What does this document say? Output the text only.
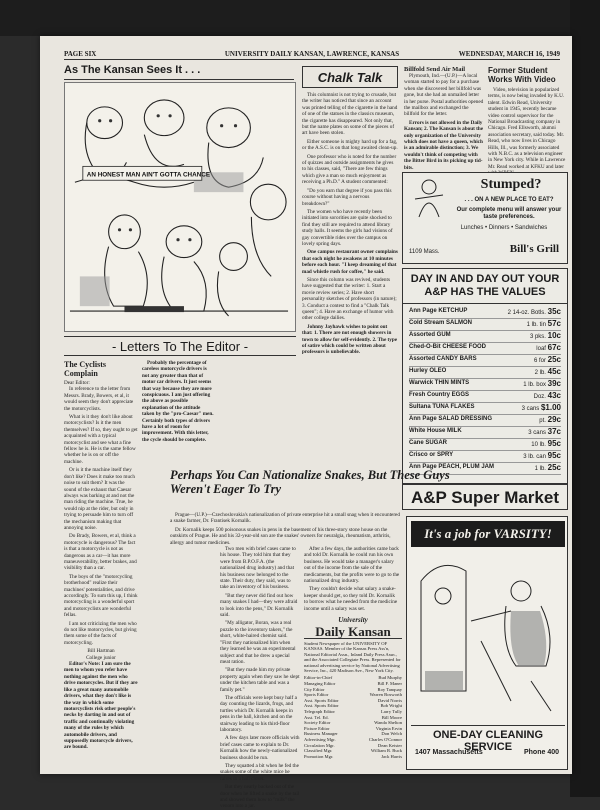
PAGE SIX	UNIVERSITY DAILY KANSAN, LAWRENCE, KANSAS	WEDNESDAY, MARCH 16, 1949
As The Kansan Sees It . . .
AN HONEST MAN AIN'T GOTTA CHANCE
- Letters To The Editor -
The Cyclists Complain
Dear Editor:

In reference to the letter from Messrs. Brady, Bowers, et al, it would seem they don't appreciate the motorcyclists.

What is it they don't like about motorcyclists? Is it the men themselves? If so, they ought to get acquainted with a typical motorcyclist and see what a fine fellow he is. He is the same fellow whether he is on or off the machine.

Or is it the machine itself they don't like? Does it make too much noise to suit them? It was the sound of the exhaust that Caesar always was barking at and not the man riding the machine. True, he would nip at the rider, but only in trying to persuade him to turn off the mechanism making that annoying noise.

Do Brady, Bowers, et al, think a motorcycle is dangerous? The fact is that a motorcycle is not as dangerous as a car—it has more maneuverability, better brakes, and visibility than a car.

The boys of the "motorcycling brotherhood" realize their machines' potentialities, and drive accordingly. To sum this up, I think motorcycling is a wonderful sport and motorcyclists are wonderful fellas.

I am not criticizing the men who do not like motorcycles, but giving them some of the facts of motorcycling.

Bill Hartman
College junior

Editor's Note: I am sure the men to whom you refer have nothing against the men who drive motorcycles. But if they are like a great many automobile drivers, what they don't like is the way in which some motorcyclists risk other people's necks by darting in and out of traffic and continually violating many of the rules by which automobile drivers, and supposedly motorcycle drivers, are bound.

Probably the percentage of careless motorcycle drivers is not any greater than that of motor car drivers. It just seems that way because they are more conspicuous. I am just offering the above as possible explanation of the attitude taken by the "pro-Caesar" men. Certainly both types of drivers have a lot of room for improvement. With this letter, the cycle should be complete.

Chalk Talk

This columnist is not trying to crusade, but the writer has noticed that since an account was printed telling of the cigarette in the hand of one of the statues in the classics museum, the cigarette has disappeared. Not only that, but the name plates on some of the pieces of art have been stolen.

Either someone is mighty hard up for a fag, or the A.S.C. is on that long awaited clean-up.

One professor who is noted for the number of quizzes and outside assignments he gives to his classes, said, "There are few things which give a man so much enjoyment as receiving a Ph.D." A student commented:

"Do you earn that degree if you pass this course without having a nervous breakdown?"

The women who have recently been initiated into sororities are quite shocked to find they still are required to attend library study halls. It seems the girls had visions of gay convertible rides over the campus on lovely spring days.

One campus restaurant owner complains that each night he awakens at 10 minutes before each hour. "I keep dreaming of that mad whistle rush for coffee," he said.

Since this column was revived, students have suggested that the writer: 1. Start a movie review series; 2. Have short personality sketches of professors (in nature); 3. Conduct a contest to find a "Chalk Talk queen"; 4. Have an exchange of humor with other college dailies.

Johnny Jayhawk wishes to point out that: 1. There are not enough showers in town to allow for self-evidently. 2. The type of satire which could be written about professors is unbelievable.

Billfold Send Air Mail

Plymouth, Ind.—(U.P.)—A local woman started to pay for a purchase when she discovered her billfold was gone, but she had an unmailed letter in her purse. Postal authorities opened the mailbox and exchanged the billfold for the letter.

Errors is not allowed in the Daily Kansan; 2. The Kansan is about the only organization of the University which does not have a queen, which is an admirable distinction; 3. We wouldn't think of competing with the Bitter Bird in its picking up tid-bits.

Former Student Works With Video

Video, television in popularized terms, is now being invaded by K.U. talent. Edwin Read, University student in 1945, recently became video control supervisor for the National Broadcasting company in Chicago. Fred Ellsworth, alumni association secretary, said today. Mr. Read, who now lives in Chicago Hills, Ill., was formerly associated with N.B.C. as a television engineer in New York city. While in Lawrence Mr. Read worked at KFKU and later

Stumped?
. . . ON A NEW PLACE TO EAT?
Our complete menu will answer your taste preferences.
Lunches • Dinners • Sandwiches
1109 Mass.	Bill's Grill
DAY IN AND DAY OUT YOUR A&P HAS THE VALUES
Ann Page KETCHUP	2 14-oz. Botls. 35c
Cold Stream SALMON	1 lb. tin 57c
Assorted GUM	3 pks. 10c
Ched-O-Bit CHEESE FOOD	loaf 67c
Assorted CANDY BARS	6 for 25c
Hurley OLEO	2 lb. 45c
Warwick THIN MINTS	1 lb. box 39c
Fresh Country EGGS	Doz. 43c
Sultana TUNA FLAKES	3 cans $1.00
Ann Page SALAD DRESSING	pt. 29c
White House MILK	3 cans 37c
Cane SUGAR	10 lb. 95c
Crisco or SPRY	3 lb. can 95c
Ann Page PEACH, PLUM JAM	1 lb. 25c
A&P Super Market
Perhaps You Can Nationalize Snakes, But These Guys Weren't Eager To Try

Prague—(U.P.)—Czechoslovakia's nationalization of private enterprise hit a small snag when it encountered a snake farmer, Dr. Frantisek Kornalik.

Dr. Kornalik keeps 500 poisonous snakes in pens in the basement of his three-story stone house on the outskirts of Prague. He and his 32-year-old son are the snakes' owners for neuralgia, rheumatism, arthritis, allergy and tumor medicines.

Two men with brief cases came to his house. They told him that they were from B.P.O.F.A. (the nationalized drug industry) and that his business now belonged to the state. Their duty, they said, was to take an inventory of his business.

"But they never did find out how many snakes I had—they were afraid to look into the pens," Dr. Kornalik said.

"My alligator, Boran, was a real puzzle to the inventory takers," the short, white-haired chemist said. "First they nationalized him when they learned he was an experimental subject and that he drew a special meat ration.

"But they made him my private property again when they saw he slept under the kitchen table and was a family pet."

The officials were kept busy half a day counting the lizards, frogs, and turtles which Dr. Kornalik keeps in pens in the hall, kitchen and on the stairway leading to his third-floor laboratory.

A few days later more officials with brief cases came to explain to Dr. Kornalik how the newly-nationalized business should be run.

They squatted a bit when he fed the snakes some of the white mice he raises in a hall closet.

But they nearly backed out of the door when he lifted a snake by the tail and showed them how to "milk" the venom into a jar.

After a few days, the authorities came back and told Dr. Kornalik he could run his own business. He would take a manager's salary out of the income from the sale of the medicaments, but the profits were to go to the nationalized drug industry.

They couldn't decide what salary a snake-keeper should get, so they told Dr. Kornalik to borrow what he needed from the medicine income until a salary was set.

University
Daily Kansan

Student Newspaper of the UNIVERSITY OF KANSAS. Member of the Kansas Press Ass'n, National Editorial Assn., Inland Daily Press Assn., and the Associated Collegiate Press. Represented for national advertising service by National Advertising Service, Inc., 420 Madison Ave., New York City.

Editor-in-Chief	Bud Murphy
Managing Editor	Bill F. Maner
City Editor	Roy Tanquay
Sports Editor	Warren Bosworth
Asst. Sports Editor	David Norris
Asst. Sports Editor	Bob Wright
Telegraph Editor	Larry Tully
Asst. Tel. Ed.	Bill Moore
Society Editor	Wanda Shelton
Picture Editor	Virginia Ervin
Business Manager	Don Welch
Advertising Mgr.	Charles O'Connor
Circulation Mgr.	Dean Keister
Classified Mgr.	William R. Buck
Promotion Mgr.	Jack Harris
It's a job for VARSITY!
ONE-DAY CLEANING SERVICE
1407 Massachusetts	Phone 400
